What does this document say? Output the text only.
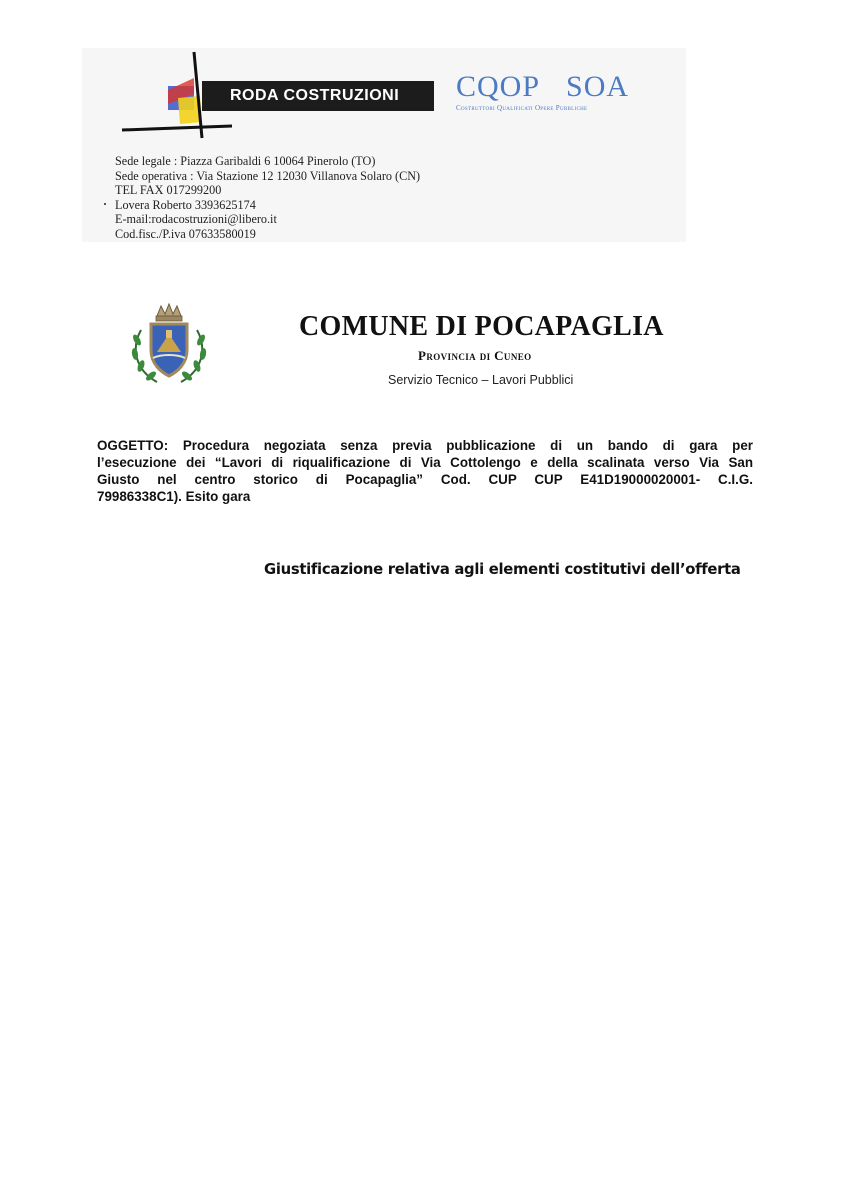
RODA COSTRUZIONI	CQOP SOA
Costruttori Qualificati Opere Pubbliche
Sede legale : Piazza Garibaldi 6 10064 Pinerolo (TO)
Sede operativa : Via Stazione 12 12030 Villanova Solaro (CN)
TEL FAX 017299200
Lovera Roberto 3393625174
E-mail:rodacostruzioni@libero.it
Cod.fisc./P.iva 07633580019
COMUNE DI POCAPAGLIA
Provincia di Cuneo
Servizio Tecnico – Lavori Pubblici
OGGETTO: Procedura negoziata senza previa pubblicazione di un bando di gara per
l’esecuzione dei “Lavori di riqualificazione di Via Cottolengo e della scalinata verso Via San
Giusto nel centro storico di Pocapaglia” Cod. CUP CUP E41D19000020001- C.I.G.
79986338C1). Esito gara
Giustificazione relativa agli elementi costitutivi dell’offerta
